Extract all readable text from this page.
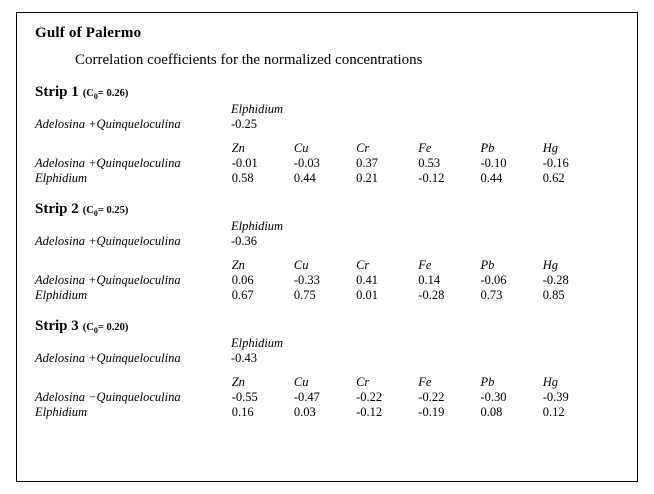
Gulf of Palermo
Correlation coefficients for the normalized concentrations
Strip 1 $(C_0= 0.26)$
	Elphidium
Adelosina +Quinqueloculina	-0.25
	Zn	Cu	Cr	Fe	Pb	Hg
Adelosina +Quinqueloculina	-0.01	-0.03	0.37	0.53	-0.10	-0.16
Elphidium	0.58	0.44	0.21	-0.12	0.44	0.62
Strip 2 $(C_0= 0.25)$
	Elphidium
Adelosina +Quinqueloculina	-0.36
	Zn	Cu	Cr	Fe	Pb	Hg
Adelosina +Quinqueloculina	0.06	-0.33	0.41	0.14	-0.06	-0.28
Elphidium	0.67	0.75	0.01	-0.28	0.73	0.85
Strip 3 $(C_0= 0.20)$
	Elphidium
Adelosina +Quinqueloculina	-0.43
	Zn	Cu	Cr	Fe	Pb	Hg
Adelosina −Quinqueloculina	-0.55	-0.47	-0.22	-0.22	-0.30	-0.39
Elphidium	0.16	0.03	-0.12	-0.19	0.08	0.12
